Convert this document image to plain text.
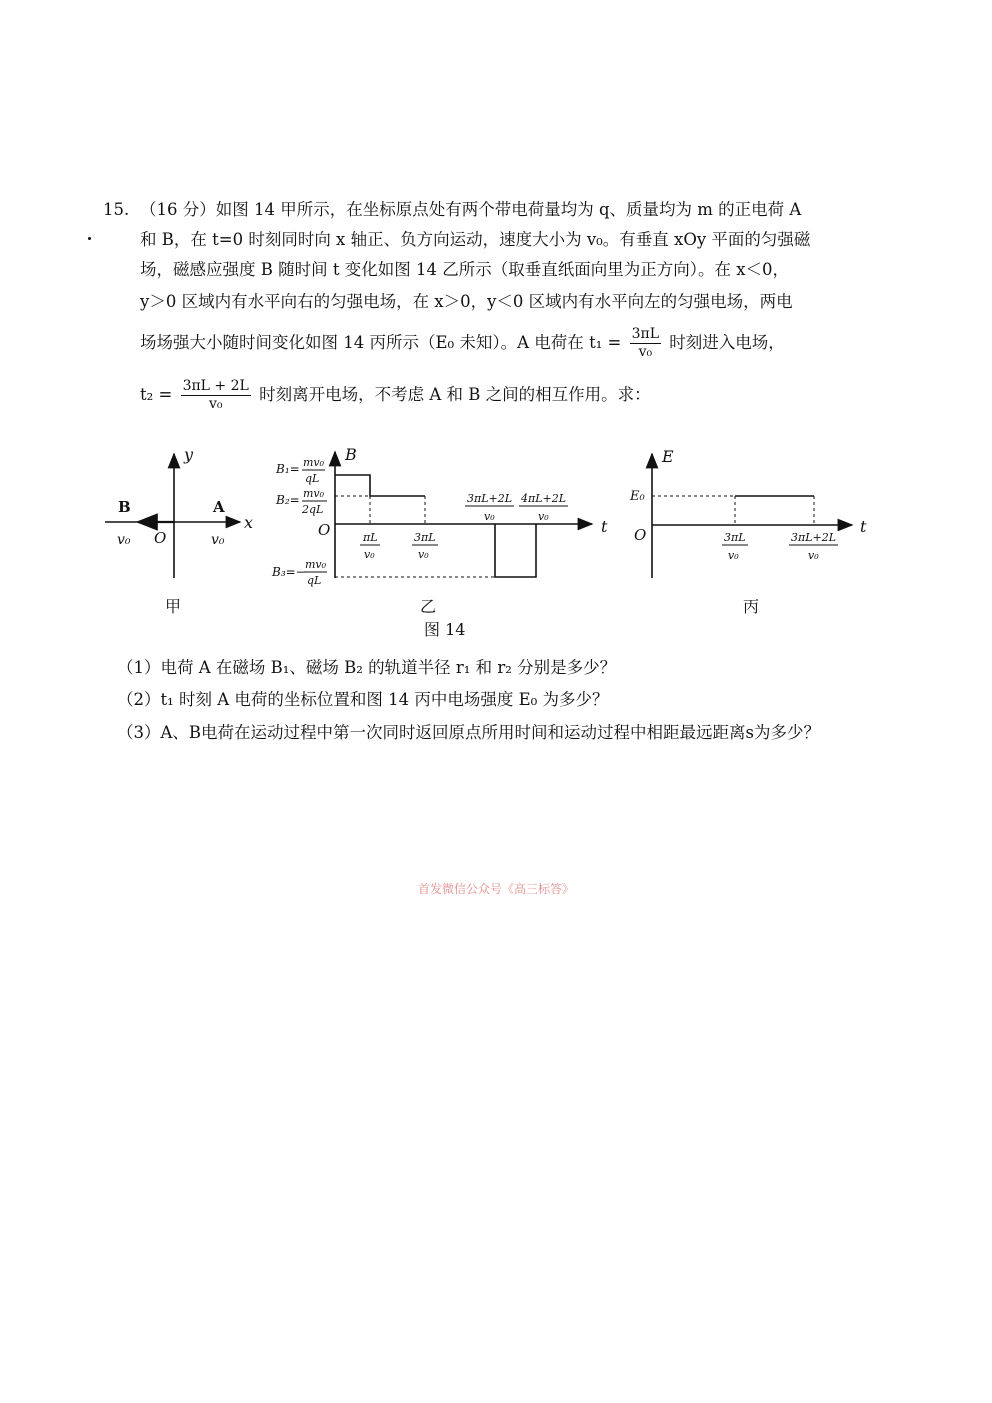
15. （16 分）如图 14 甲所示，在坐标原点处有两个带电荷量均为 q、质量均为 m 的正电荷 A
和 B，在 t=0 时刻同时向 x 轴正、负方向运动，速度大小为 v₀。有垂直 xOy 平面的匀强磁
场，磁感应强度 B 随时间 t 变化如图 14 乙所示（取垂直纸面向里为正方向）。在 x＜0，
y＞0 区域内有水平向右的匀强电场，在 x＞0，y＜0 区域内有水平向左的匀强电场，两电
场场强大小随时间变化如图 14 丙所示（E₀ 未知）。A 电荷在 $t_1 = \frac{3\pi L}{\text{v₀}}$ 时刻进入电场，
$t_2 = \frac{3\pi L + 2L}{\text{v₀}}$ 时刻离开电场，不考虑 A 和 B 之间的相互作用。求：
y
x
O
B	A
v₀	v₀
甲
B
t
O
B₁= mv₀
qL
B₂= mv₀
2qL
B₃=−
mv₀
qL
πL
v₀
3πL
v₀
3πL+2L
v₀
4πL+2L
v₀
乙
E
t
O
E₀
3πL
v₀
3πL+2L
v₀
丙
图 14
（1）电荷 A 在磁场 B₁、磁场 B₂ 的轨道半径 r₁ 和 r₂ 分别是多少？
（2）t₁ 时刻 A 电荷的坐标位置和图 14 丙中电场强度 E₀ 为多少？
（3）A、B电荷在运动过程中第一次同时返回原点所用时间和运动过程中相距最远距离s为多少？
首发微信公众号《高三标答》
